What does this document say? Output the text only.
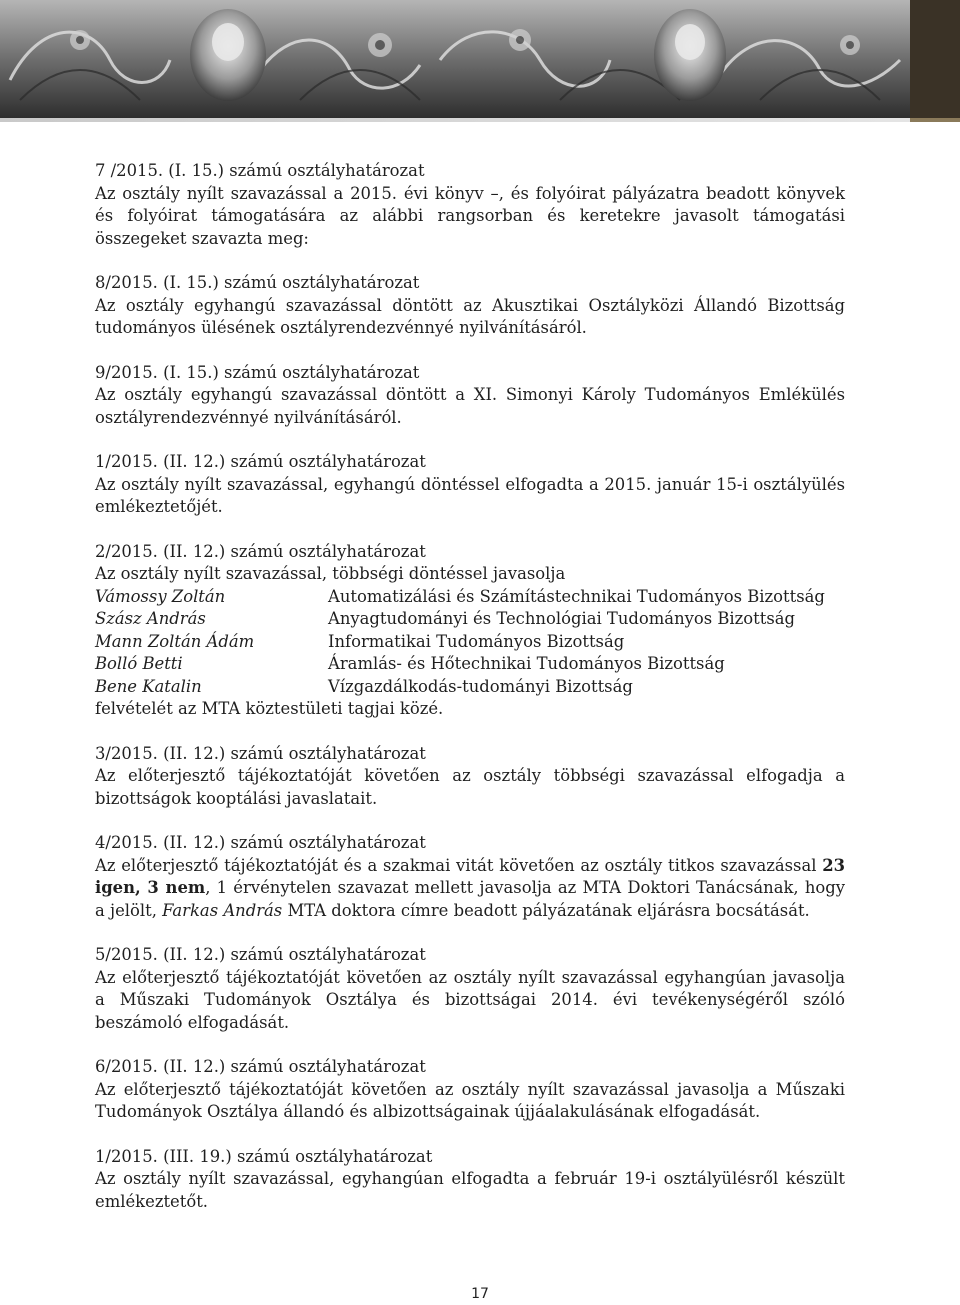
7 /2015. (I. 15.) számú osztályhatározat
Az osztály nyílt szavazással a 2015. évi könyv –, és folyóirat pályázatra beadott könyvek és folyóirat támogatására az alábbi rangsorban és keretekre javasolt támogatási összegeket szavazta meg:

8/2015. (I. 15.) számú osztályhatározat
Az osztály egyhangú szavazással döntött az Akusztikai Osztályközi Állandó Bizottság tudományos ülésének osztályrendezvénnyé nyilvánításáról.

9/2015. (I. 15.) számú osztályhatározat
Az osztály egyhangú szavazással döntött a XI. Simonyi Károly Tudományos Emlékülés osztályrendezvénnyé nyilvánításáról.

1/2015. (II. 12.) számú osztályhatározat
Az osztály nyílt szavazással, egyhangú döntéssel elfogadta a 2015. január 15-i osztályülés emlékeztetőjét.

2/2015. (II. 12.) számú osztályhatározat
Az osztály nyílt szavazással, többségi döntéssel javasolja

Vámossy Zoltán	Automatizálási és Számítástechnikai Tudományos Bizottság
Szász András	Anyagtudományi és Technológiai Tudományos Bizottság
Mann Zoltán Ádám	Informatikai Tudományos Bizottság
Bolló Betti	Áramlás- és Hőtechnikai Tudományos Bizottság
Bene Katalin	Vízgazdálkodás-tudományi Bizottság

felvételét az MTA köztestületi tagjai közé.

3/2015. (II. 12.) számú osztályhatározat
Az előterjesztő tájékoztatóját követően az osztály többségi szavazással elfogadja a bizottságok kooptálási javaslatait.

4/2015. (II. 12.) számú osztályhatározat
Az előterjesztő tájékoztatóját és a szakmai vitát követően az osztály titkos szavazással 23 igen, 3 nem, 1 érvénytelen szavazat mellett javasolja az MTA Doktori Tanácsának, hogy a jelölt, Farkas András MTA doktora címre beadott pályázatának eljárásra bocsátását.

5/2015. (II. 12.) számú osztályhatározat
Az előterjesztő tájékoztatóját követően az osztály nyílt szavazással egyhangúan javasolja a Műszaki Tudományok Osztálya és bizottságai 2014. évi tevékenységéről szóló beszámoló elfogadását.

6/2015. (II. 12.) számú osztályhatározat
Az előterjesztő tájékoztatóját követően az osztály nyílt szavazással javasolja a Műszaki Tudományok Osztálya állandó és albizottságainak újjáalakulásának elfogadását.

1/2015. (III. 19.) számú osztályhatározat
Az osztály nyílt szavazással, egyhangúan elfogadta a február 19-i osztályülésről készült emlékeztetőt.

17
